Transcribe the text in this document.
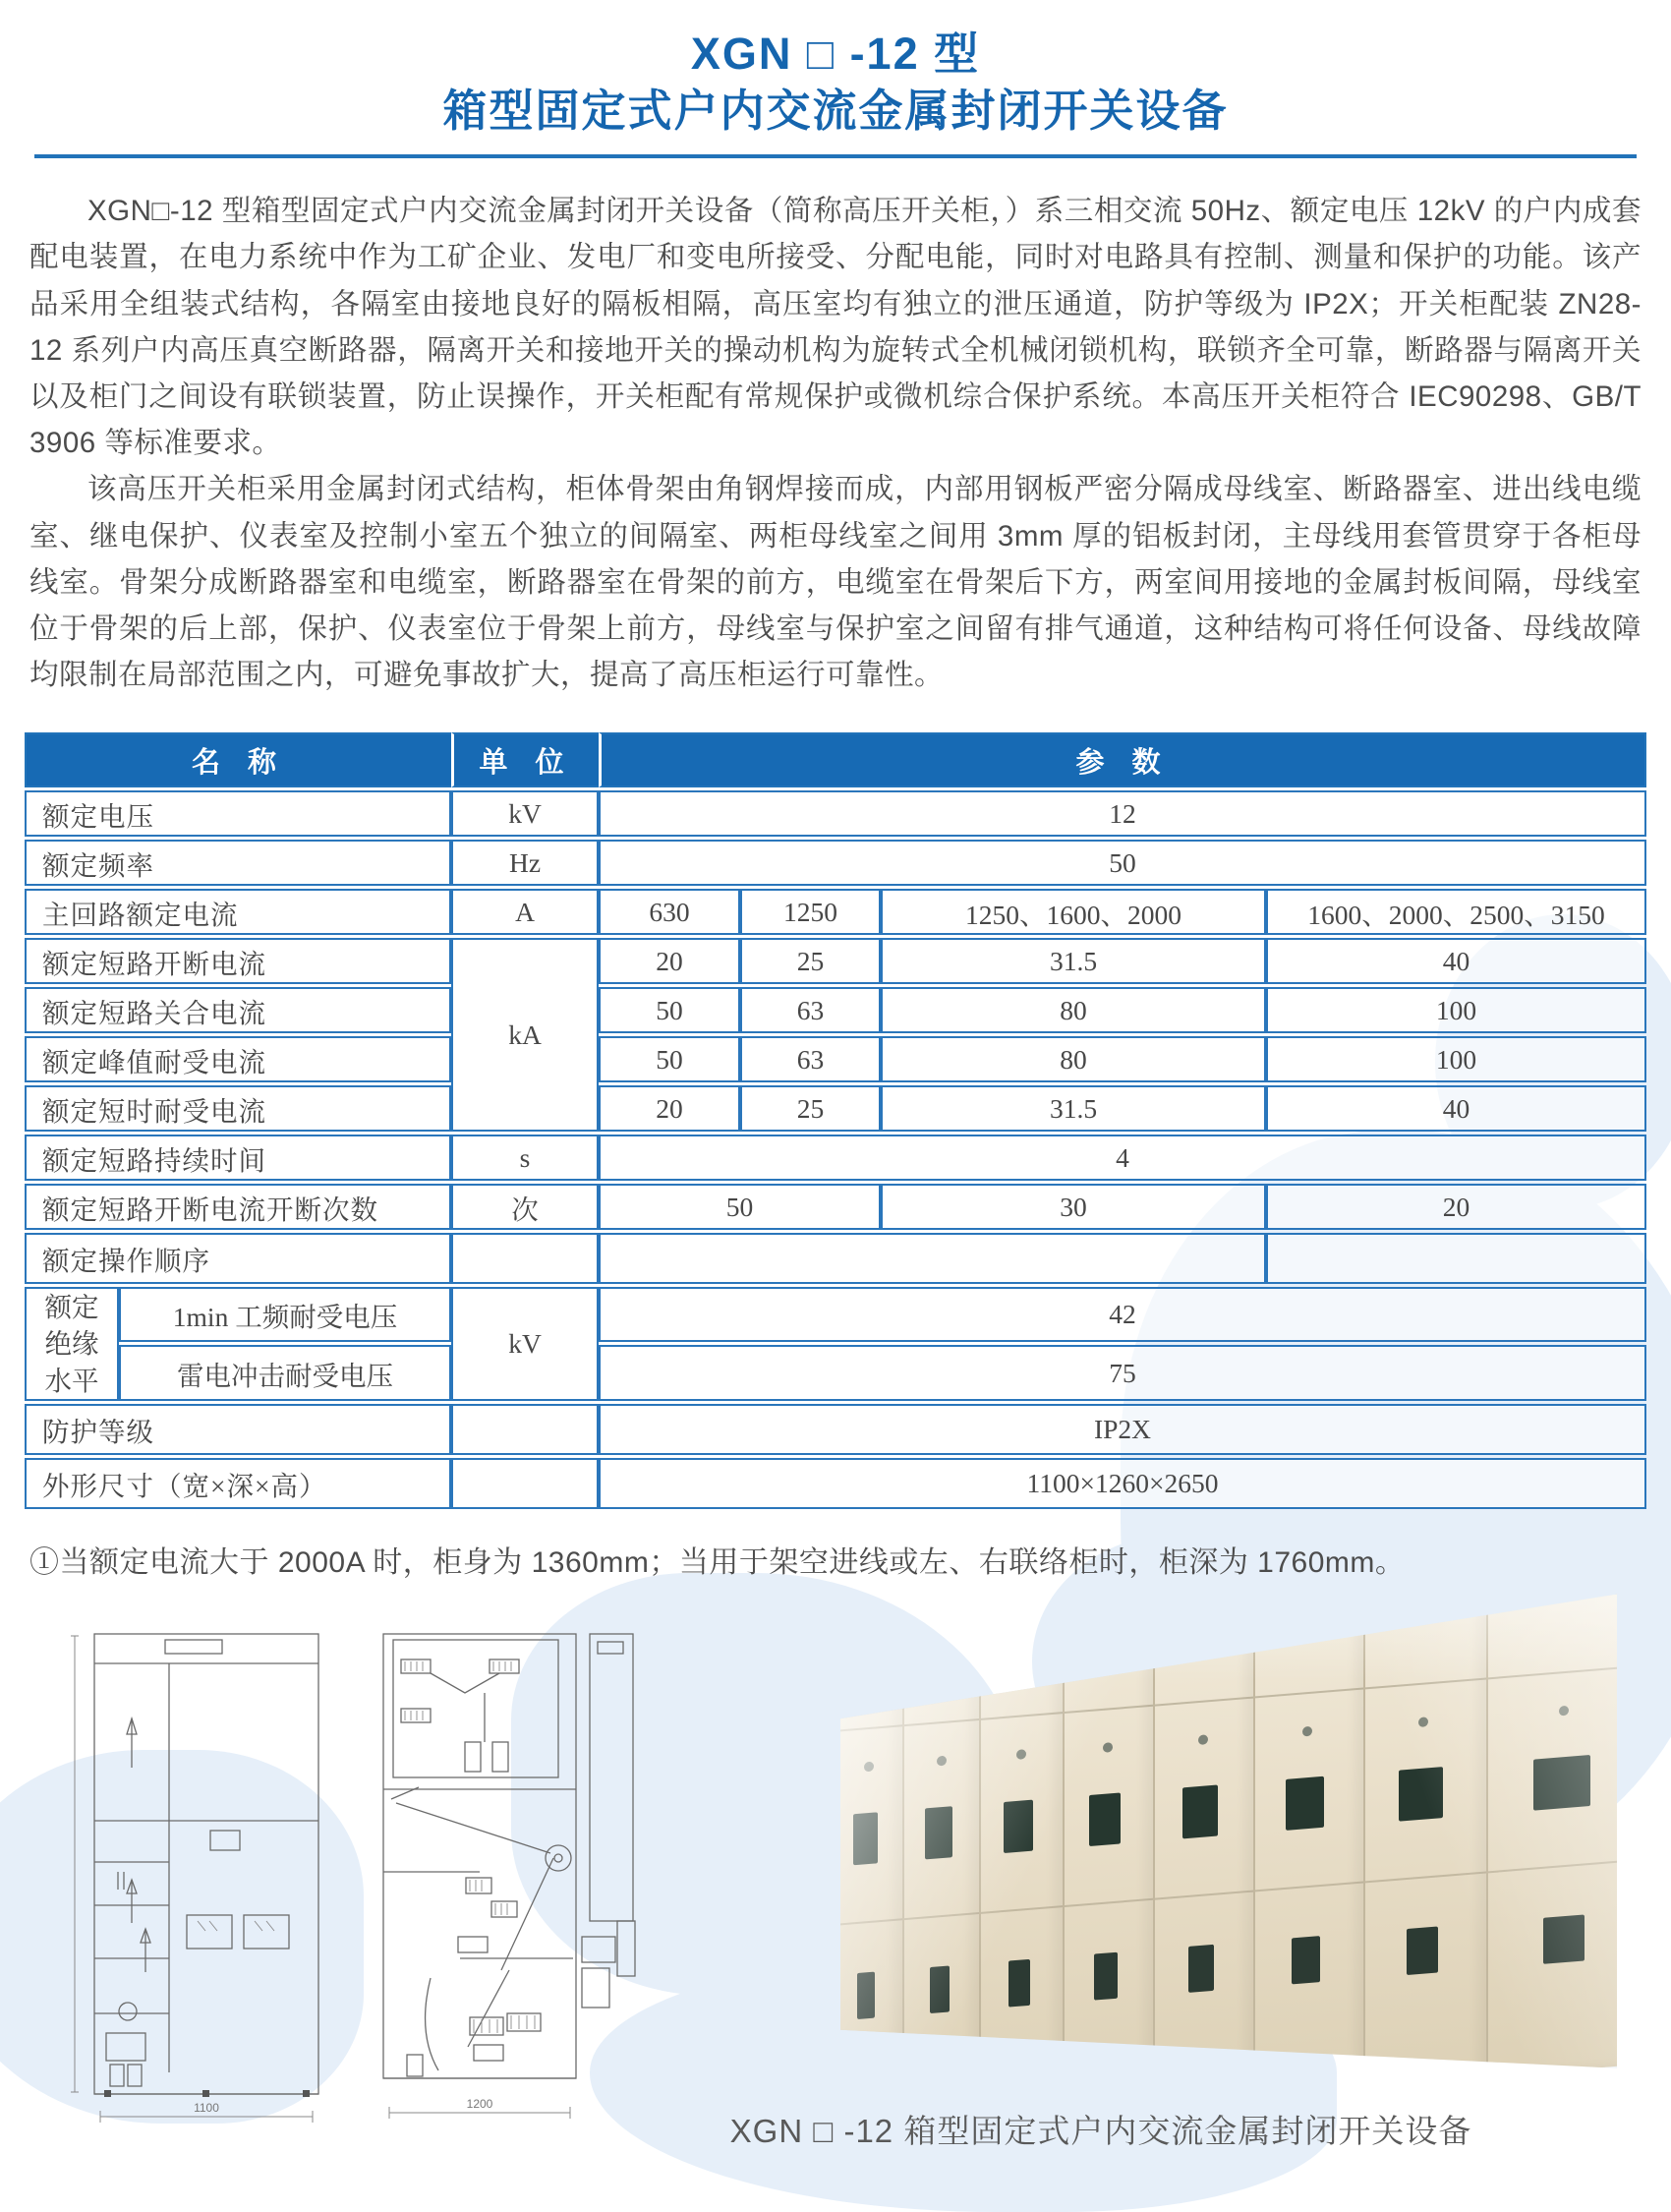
XGN □ -12 型
箱型固定式户内交流金属封闭开关设备

XGN□-12 型箱型固定式户内交流金属封闭开关设备（简称高压开关柜，）系三相交流 50Hz、额定电压 12kV 的户内成套配电装置，在电力系统中作为工矿企业、发电厂和变电所接受、分配电能，同时对电路具有控制、测量和保护的功能。该产品采用全组装式结构，各隔室由接地良好的隔板相隔，高压室均有独立的泄压通道，防护等级为 IP2X；开关柜配装 ZN28-12 系列户内高压真空断路器，隔离开关和接地开关的操动机构为旋转式全机械闭锁机构，联锁齐全可靠，断路器与隔离开关以及柜门之间设有联锁装置，防止误操作，开关柜配有常规保护或微机综合保护系统。本高压开关柜符合 IEC90298、GB/T 3906 等标准要求。

该高压开关柜采用金属封闭式结构，柜体骨架由角钢焊接而成，内部用钢板严密分隔成母线室、断路器室、进出线电缆室、继电保护、仪表室及控制小室五个独立的间隔室、两柜母线室之间用 3mm 厚的铝板封闭，主母线用套管贯穿于各柜母线室。骨架分成断路器室和电缆室，断路器室在骨架的前方，电缆室在骨架后下方，两室间用接地的金属封板间隔，母线室位于骨架的后上部，保护、仪表室位于骨架上前方，母线室与保护室之间留有排气通道，这种结构可将任何设备、母线故障均限制在局部范围之内，可避免事故扩大，提高了高压柜运行可靠性。

名 称		单 位	参 数			
额定电压		kV	12			
额定频率		Hz	50			
主回路额定电流		A	630	1250	1250、1600、2000	1600、2000、2500、3150
额定短路开断电流		kA	20	25	31.5	40
额定短路关合电流			50	63	80	100
额定峰值耐受电流			50	63	80	100
额定短时耐受电流			20	25	31.5	40
额定短路持续时间		s	4			
额定短路开断电流开断次数		次	50		30	20
额定操作顺序						
额定绝缘水平	1min 工频耐受电压	kV	42			
	雷电冲击耐受电压		75			
防护等级			IP2X			
外形尺寸（宽×深×高）			1100×1260×2650			
①当额定电流大于 2000A 时，柜身为 1360mm；当用于架空进线或左、右联络柜时，柜深为 1760mm。
1100	1200
XGN □ -12 箱型固定式户内交流金属封闭开关设备
